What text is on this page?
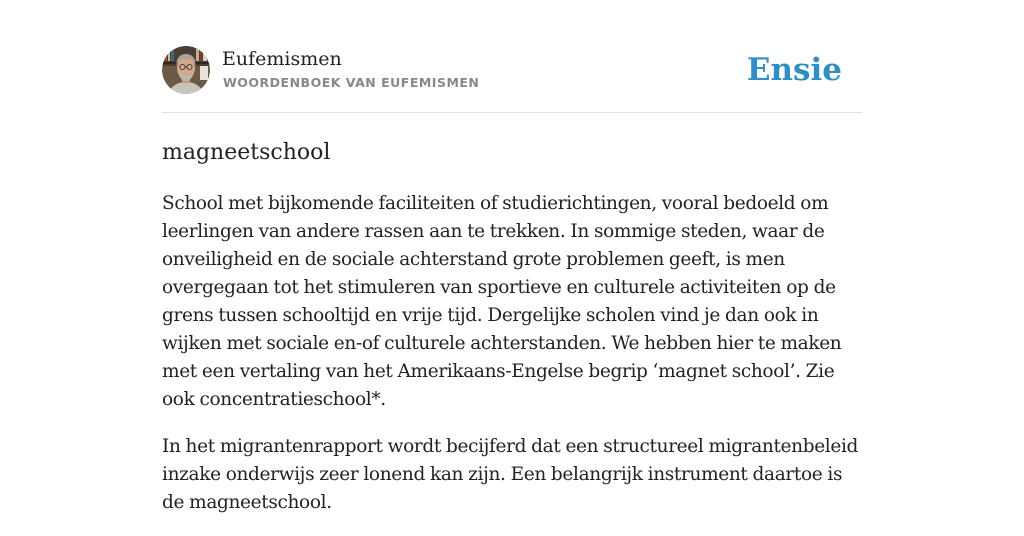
Eufemismen
WOORDENBOEK VAN EUFEMISMEN	Ensie
magneetschool

School met bijkomende faciliteiten of studierichtingen, vooral bedoeld om leerlingen van andere rassen aan te trekken. In sommige steden, waar de onveiligheid en de sociale achterstand grote problemen geeft, is men overgegaan tot het stimuleren van sportieve en culturele activiteiten op de grens tussen schooltijd en vrije tijd. Dergelijke scholen vind je dan ook in wijken met sociale en-of culturele achterstanden. We hebben hier te maken met een vertaling van het Amerikaans-Engelse begrip ‘magnet school’. Zie ook concentratieschool*.

In het migrantenrapport wordt becijferd dat een structureel migrantenbeleid inzake onderwijs zeer lonend kan zijn. Een belangrijk instrument daartoe is de magneetschool.
